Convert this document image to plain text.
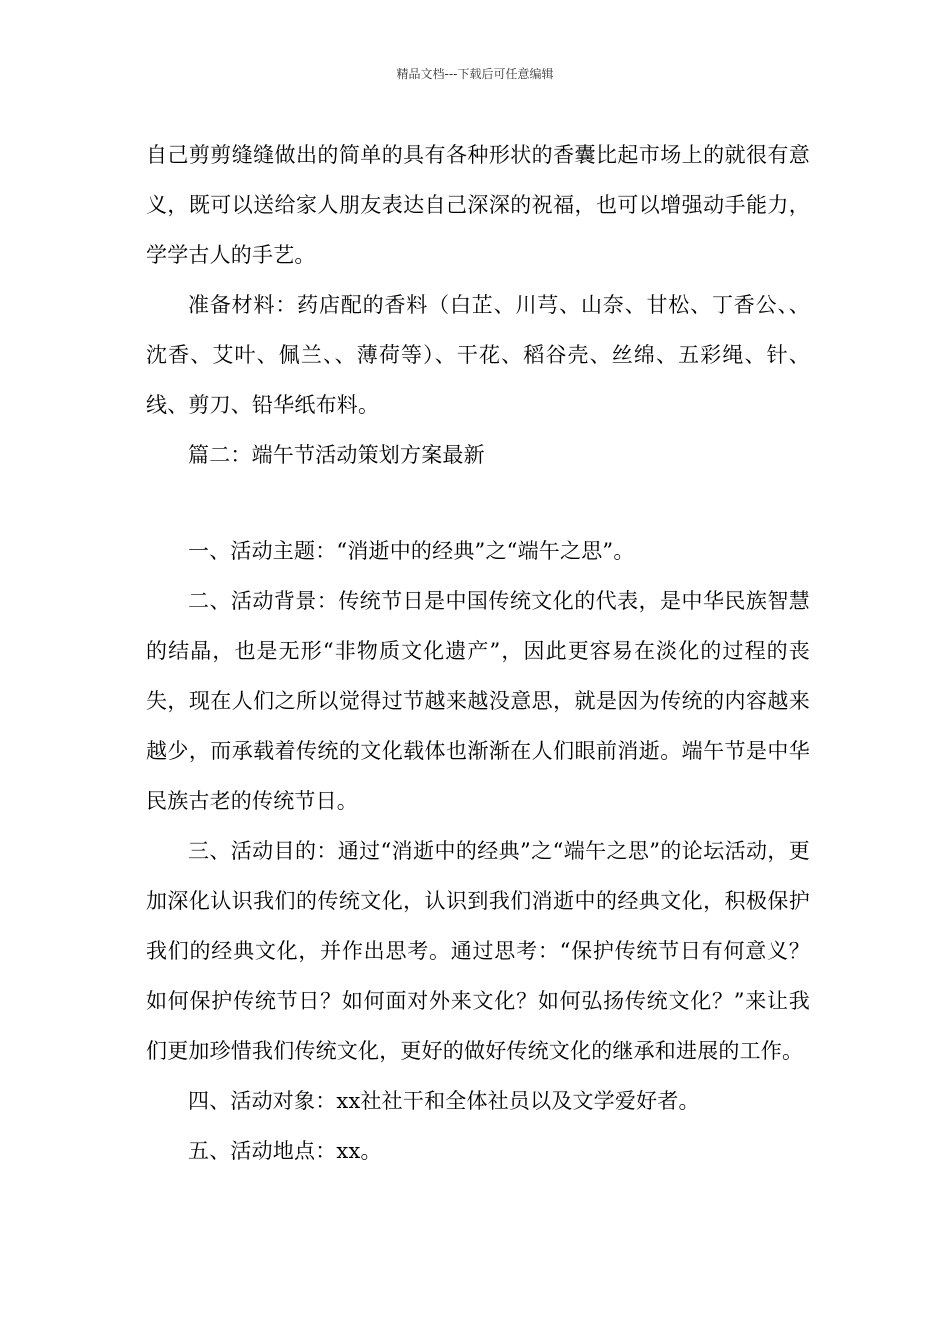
精品文档---下载后可任意编辑

自己剪剪缝缝做出的简单的具有各种形状的香囊比起市场上的就很有意义，既可以送给家人朋友表达自己深深的祝福，也可以增强动手能力，学学古人的手艺。

准备材料：药店配的香料（白芷、川芎、山奈、甘松、丁香公、、沈香、艾叶、佩兰、、薄荷等）、干花、稻谷壳、丝绵、五彩绳、针、线、剪刀、铅华纸布料。

篇二：端午节活动策划方案最新

一、活动主题：“消逝中的经典”之“端午之思”。

二、活动背景：传统节日是中国传统文化的代表，是中华民族智慧的结晶，也是无形“非物质文化遗产”，因此更容易在淡化的过程的丧失，现在人们之所以觉得过节越来越没意思，就是因为传统的内容越来越少，而承载着传统的文化载体也渐渐在人们眼前消逝。端午节是中华民族古老的传统节日。

三、活动目的：通过“消逝中的经典”之“端午之思”的论坛活动，更加深化认识我们的传统文化，认识到我们消逝中的经典文化，积极保护我们的经典文化，并作出思考。通过思考：“保护传统节日有何意义？如何保护传统节日？如何面对外来文化？如何弘扬传统文化？”来让我们更加珍惜我们传统文化，更好的做好传统文化的继承和进展的工作。

四、活动对象：xx社社干和全体社员以及文学爱好者。

五、活动地点：xx。
